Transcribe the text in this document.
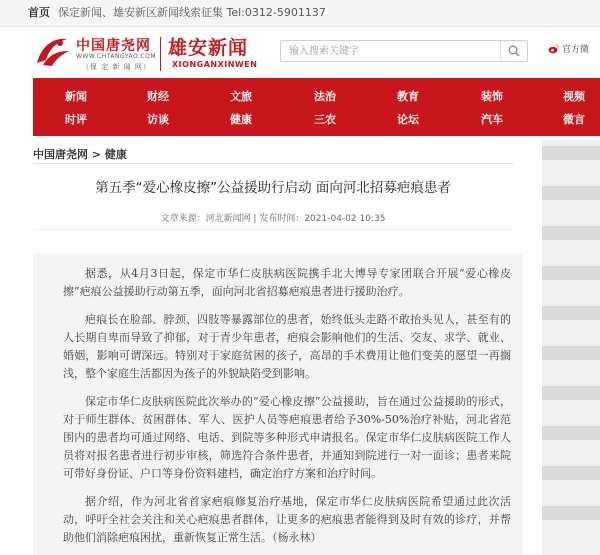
首页 保定新闻、雄安新区新闻线索征集 Tel:0312-5901137
中国唐尧网
WWW.CHTANGYAO.COM
（保 定 新 闻 网）
雄安新闻
XIONGANXINWEN
输入搜索关键字
官方微
新闻
时评
财经
访谈
文旅
健康
法治
三农
教育
论坛
装饰
汽车
视频
微言
中国唐尧网 > 健康
第五季“爱心橡皮擦”公益援助行启动 面向河北招募疤痕患者
文章来源：河北新闻网 | 发布时间：2021-04-02 10:35

据悉，从4月3日起，保定市华仁皮肤病医院携手北大博导专家团联合开展“爱心橡皮擦”疤痕公益援助行动第五季，面向河北省招募疤痕患者进行援助治疗。

疤痕长在脸部、脖颈、四肢等暴露部位的患者，始终低头走路不敢抬头见人，甚至有的人长期自卑而导致了抑郁，对于青少年患者，疤痕会影响他们的生活、交友、求学、就业、婚姻，影响可谓深远。特别对于家庭贫困的孩子，高昂的手术费用让他们变美的愿望一再搁浅，整个家庭生活都因为孩子的外貌缺陷受到影响。

保定市华仁皮肤病医院此次举办的“爱心橡皮擦”公益援助，旨在通过公益援助的形式，对于师生群体、贫困群体、军人、医护人员等疤痕患者给予30%-50%治疗补贴，河北省范围内的患者均可通过网络、电话、到院等多种形式申请报名。保定市华仁皮肤病医院工作人员将对报名患者进行初步审核，筛选符合条件患者，并通知到院进行一对一面诊；患者来院可带好身份证、户口等身份资料建档，确定治疗方案和治疗时间。

据介绍，作为河北省首家疤痕修复治疗基地，保定市华仁皮肤病医院希望通过此次活动，呼吁全社会关注和关心疤痕患者群体，让更多的疤痕患者能得到及时有效的诊疗，并帮助他们消除疤痕困扰，重新恢复正常生活。（杨永林）
